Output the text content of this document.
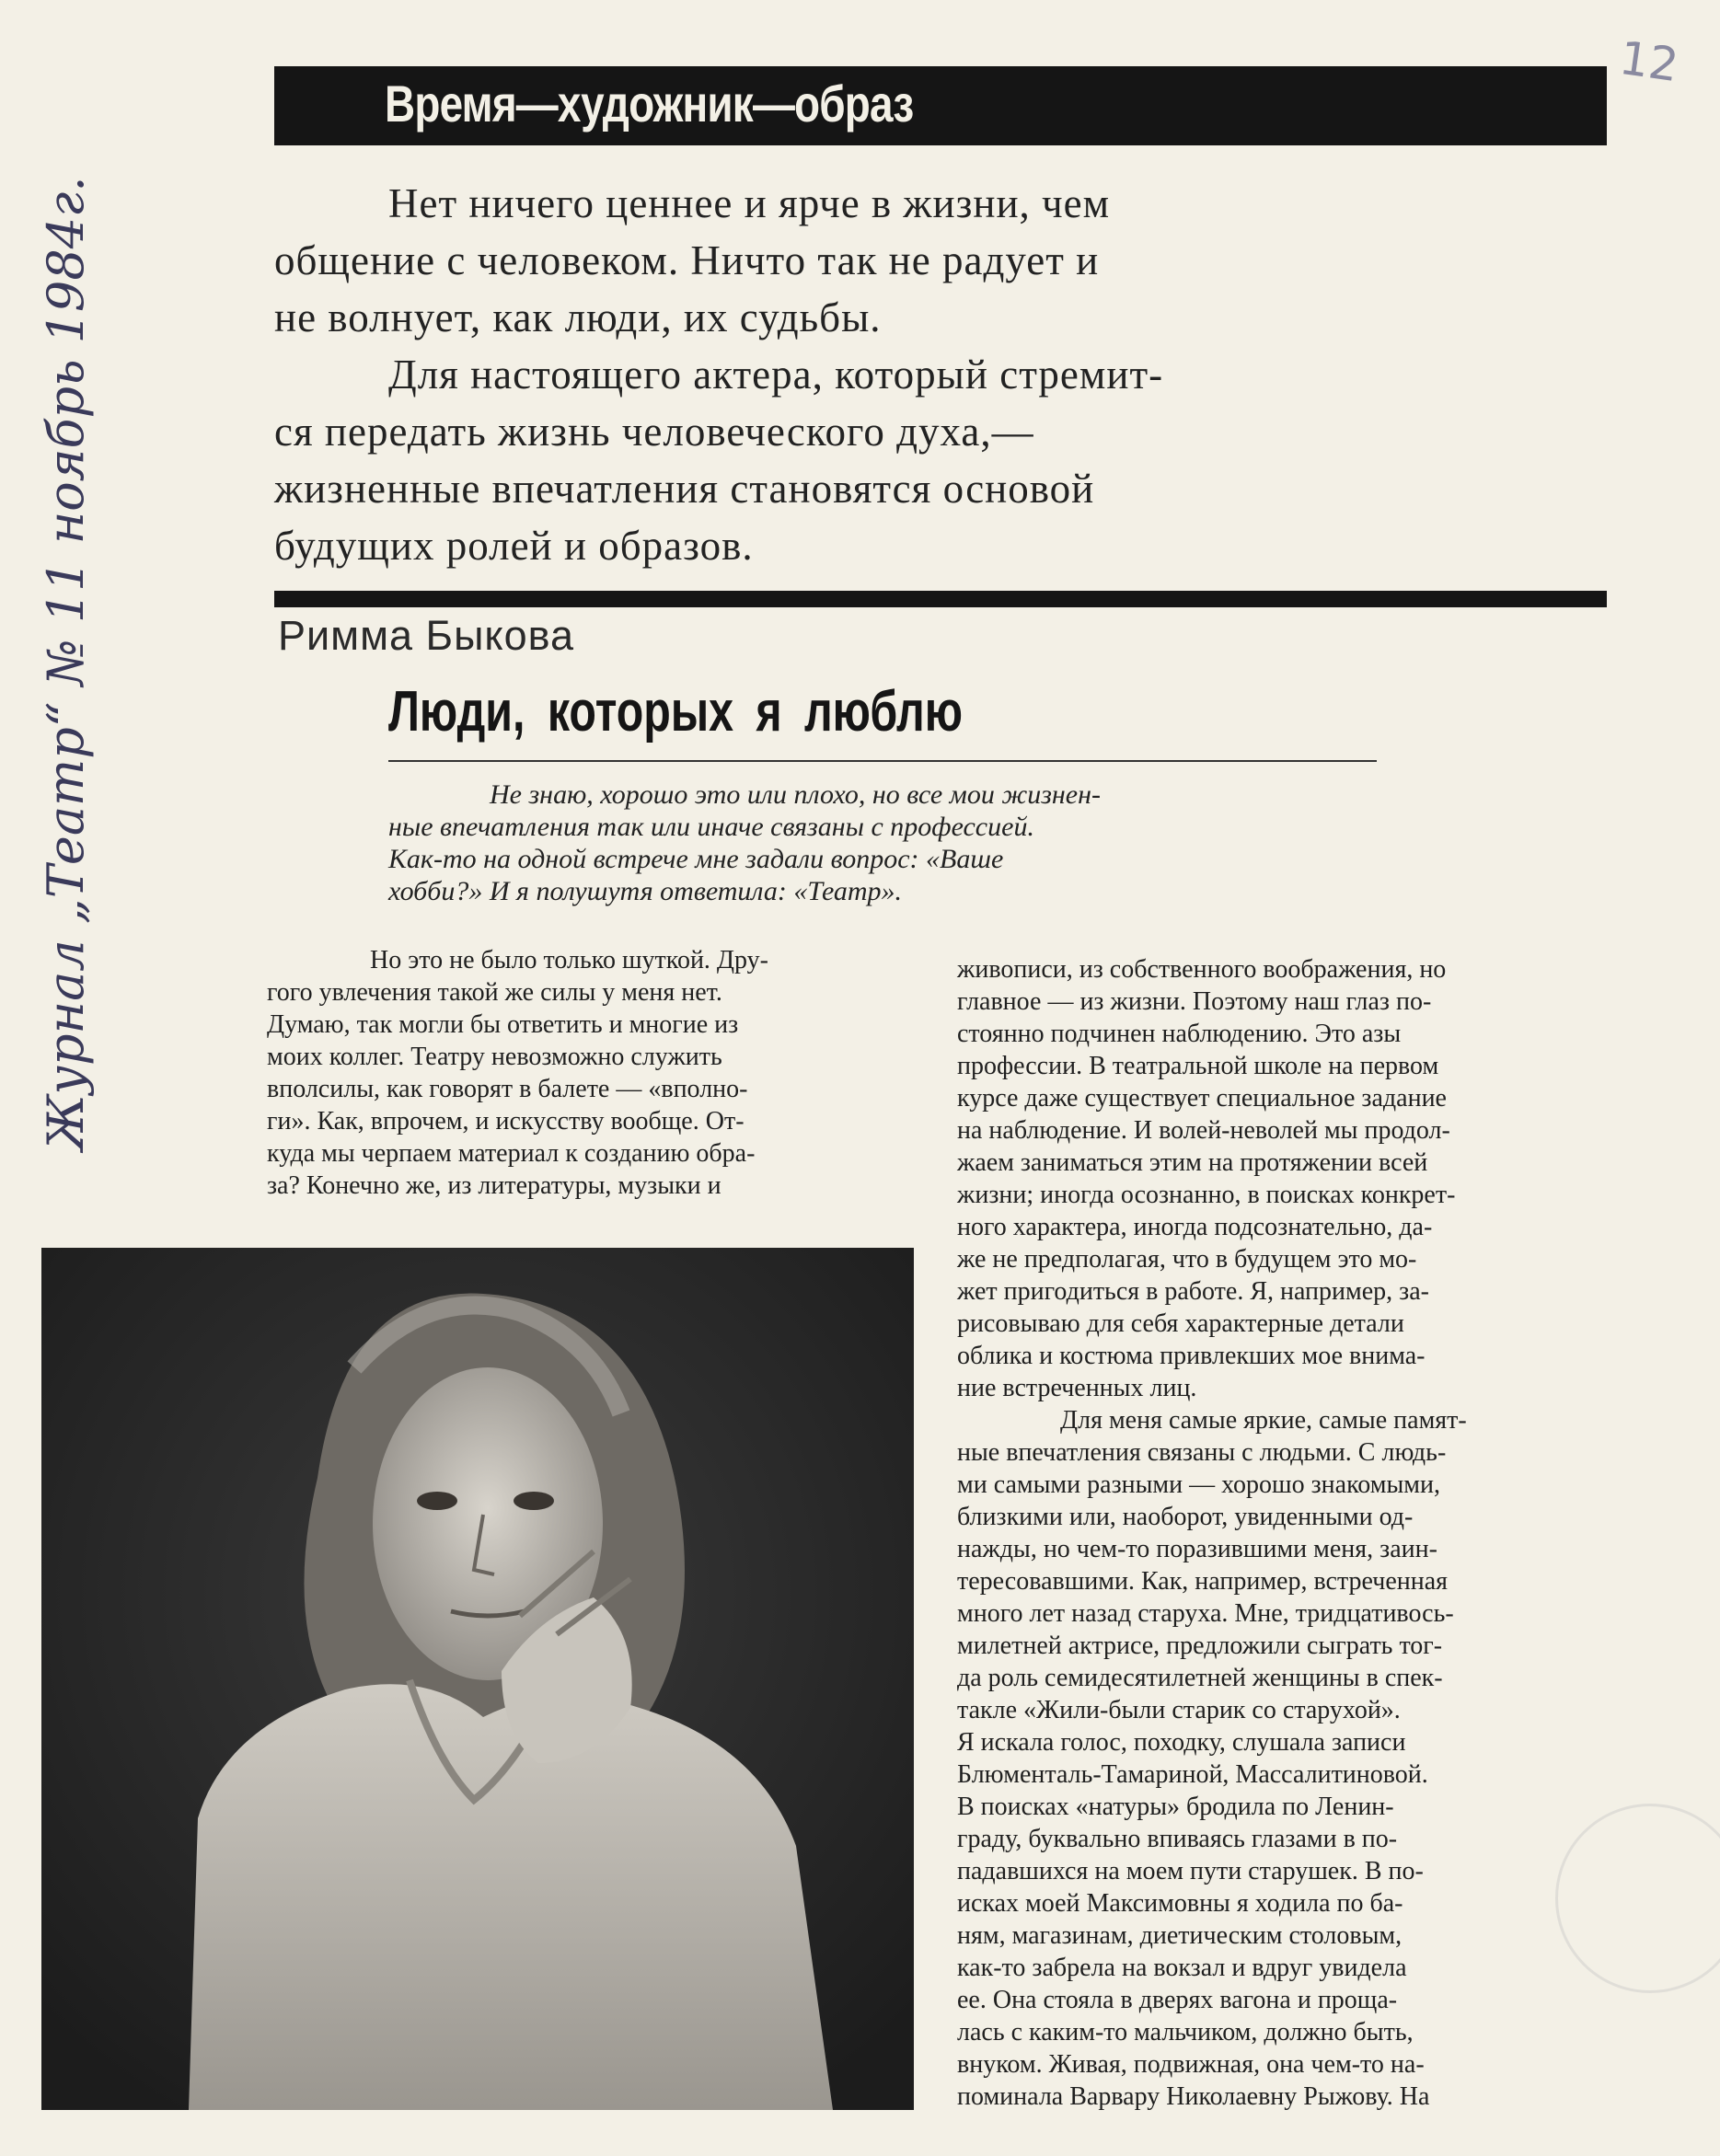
12
Журнал „Театр“ № 11 ноябрь 1984г.
Время—художник—образ

Нет ничего ценнее и ярче в жизни, чем
общение с человеком. Ничто так не радует и
не волнует, как люди, их судьбы.

Для настоящего актера, который стремит-
ся передать жизнь человеческого духа,—
жизненные впечатления становятся основой
будущих ролей и образов.

Римма Быкова
Люди, которых я люблю
Не знаю, хорошо это или плохо, но все мои жизнен-
ные впечатления так или иначе связаны с профессией.
Как-то на одной встрече мне задали вопрос: «Ваше
хобби?» И я полушутя ответила: «Театр».
Но это не было только шуткой. Дру-
гого увлечения такой же силы у меня нет.
Думаю, так могли бы ответить и многие из
моих коллег. Театру невозможно служить
вполсилы, как говорят в балете — «вполно-
ги». Как, впрочем, и искусству вообще. От-
куда мы черпаем материал к созданию обра-
за? Конечно же, из литературы, музыки и
живописи, из собственного воображения, но
главное — из жизни. Поэтому наш глаз по-
стоянно подчинен наблюдению. Это азы
профессии. В театральной школе на первом
курсе даже существует специальное задание
на наблюдение. И волей-неволей мы продол-
жаем заниматься этим на протяжении всей
жизни; иногда осознанно, в поисках конкрет-
ного характера, иногда подсознательно, да-
же не предполагая, что в будущем это мо-
жет пригодиться в работе. Я, например, за-
рисовываю для себя характерные детали
облика и костюма привлекших мое внима-
ние встреченных лиц.
Для меня самые яркие, самые памят-
ные впечатления связаны с людьми. С людь-
ми самыми разными — хорошо знакомыми,
близкими или, наоборот, увиденными од-
нажды, но чем-то поразившими меня, заин-
тересовавшими. Как, например, встреченная
много лет назад старуха. Мне, тридцативось-
милетней актрисе, предложили сыграть тог-
да роль семидесятилетней женщины в спек-
такле «Жили-были старик со старухой».
Я искала голос, походку, слушала записи
Блюменталь-Тамариной, Массалитиновой.
В поисках «натуры» бродила по Ленин-
граду, буквально впиваясь глазами в по-
падавшихся на моем пути старушек. В по-
исках моей Максимовны я ходила по ба-
ням, магазинам, диетическим столовым,
как-то забрела на вокзал и вдруг увидела
ее. Она стояла в дверях вагона и проща-
лась с каким-то мальчиком, должно быть,
внуком. Живая, подвижная, она чем-то на-
поминала Варвару Николаевну Рыжову. На
